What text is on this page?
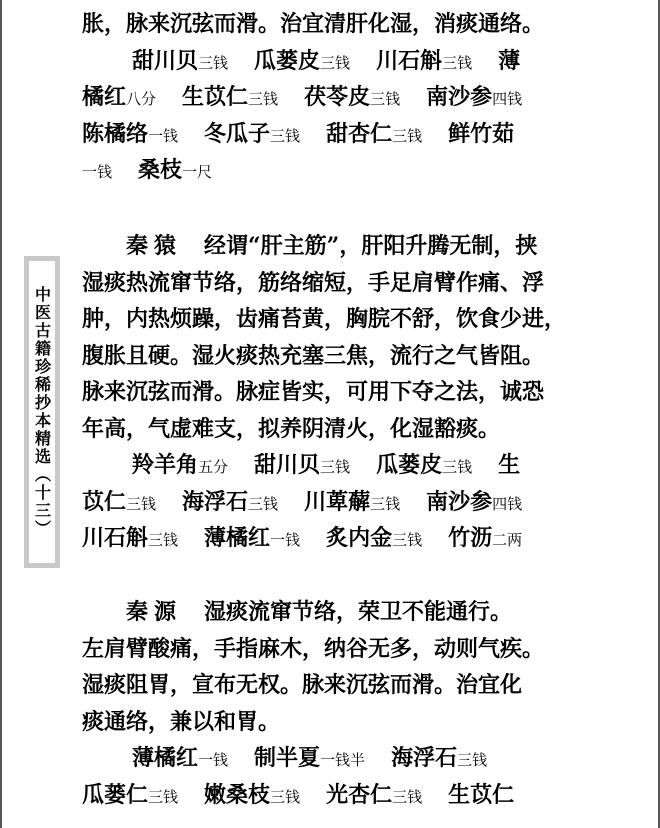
中医古籍珍稀抄本精选（十三）
胀，脉来沉弦而滑。治宜清肝化湿，消痰通络。
甜川贝三钱 瓜蒌皮三钱 川石斛三钱 薄
橘红八分 生苡仁三钱 茯苓皮三钱 南沙参四钱
陈橘络一钱 冬瓜子三钱 甜杏仁三钱 鲜竹茹
一钱 桑枝一尺
秦猿 经谓“肝主筋”，肝阳升腾无制，挟
湿痰热流窜节络，筋络缩短，手足肩臂作痛、浮
肿，内热烦躁，齿痛苔黄，胸脘不舒，饮食少进，
腹胀且硬。湿火痰热充塞三焦，流行之气皆阻。
脉来沉弦而滑。脉症皆实，可用下夺之法，诚恐
年高，气虚难支，拟养阴清火，化湿豁痰。
羚羊角五分 甜川贝三钱 瓜蒌皮三钱 生
苡仁三钱 海浮石三钱 川萆薢三钱 南沙参四钱
川石斛三钱 薄橘红一钱 炙内金三钱 竹沥二两
秦源 湿痰流窜节络，荣卫不能通行。
左肩臂酸痛，手指麻木，纳谷无多，动则气疾。
湿痰阻胃，宣布无权。脉来沉弦而滑。治宜化
痰通络，兼以和胃。
薄橘红一钱 制半夏一钱半 海浮石三钱
瓜蒌仁三钱 嫩桑枝三钱 光杏仁三钱 生苡仁
